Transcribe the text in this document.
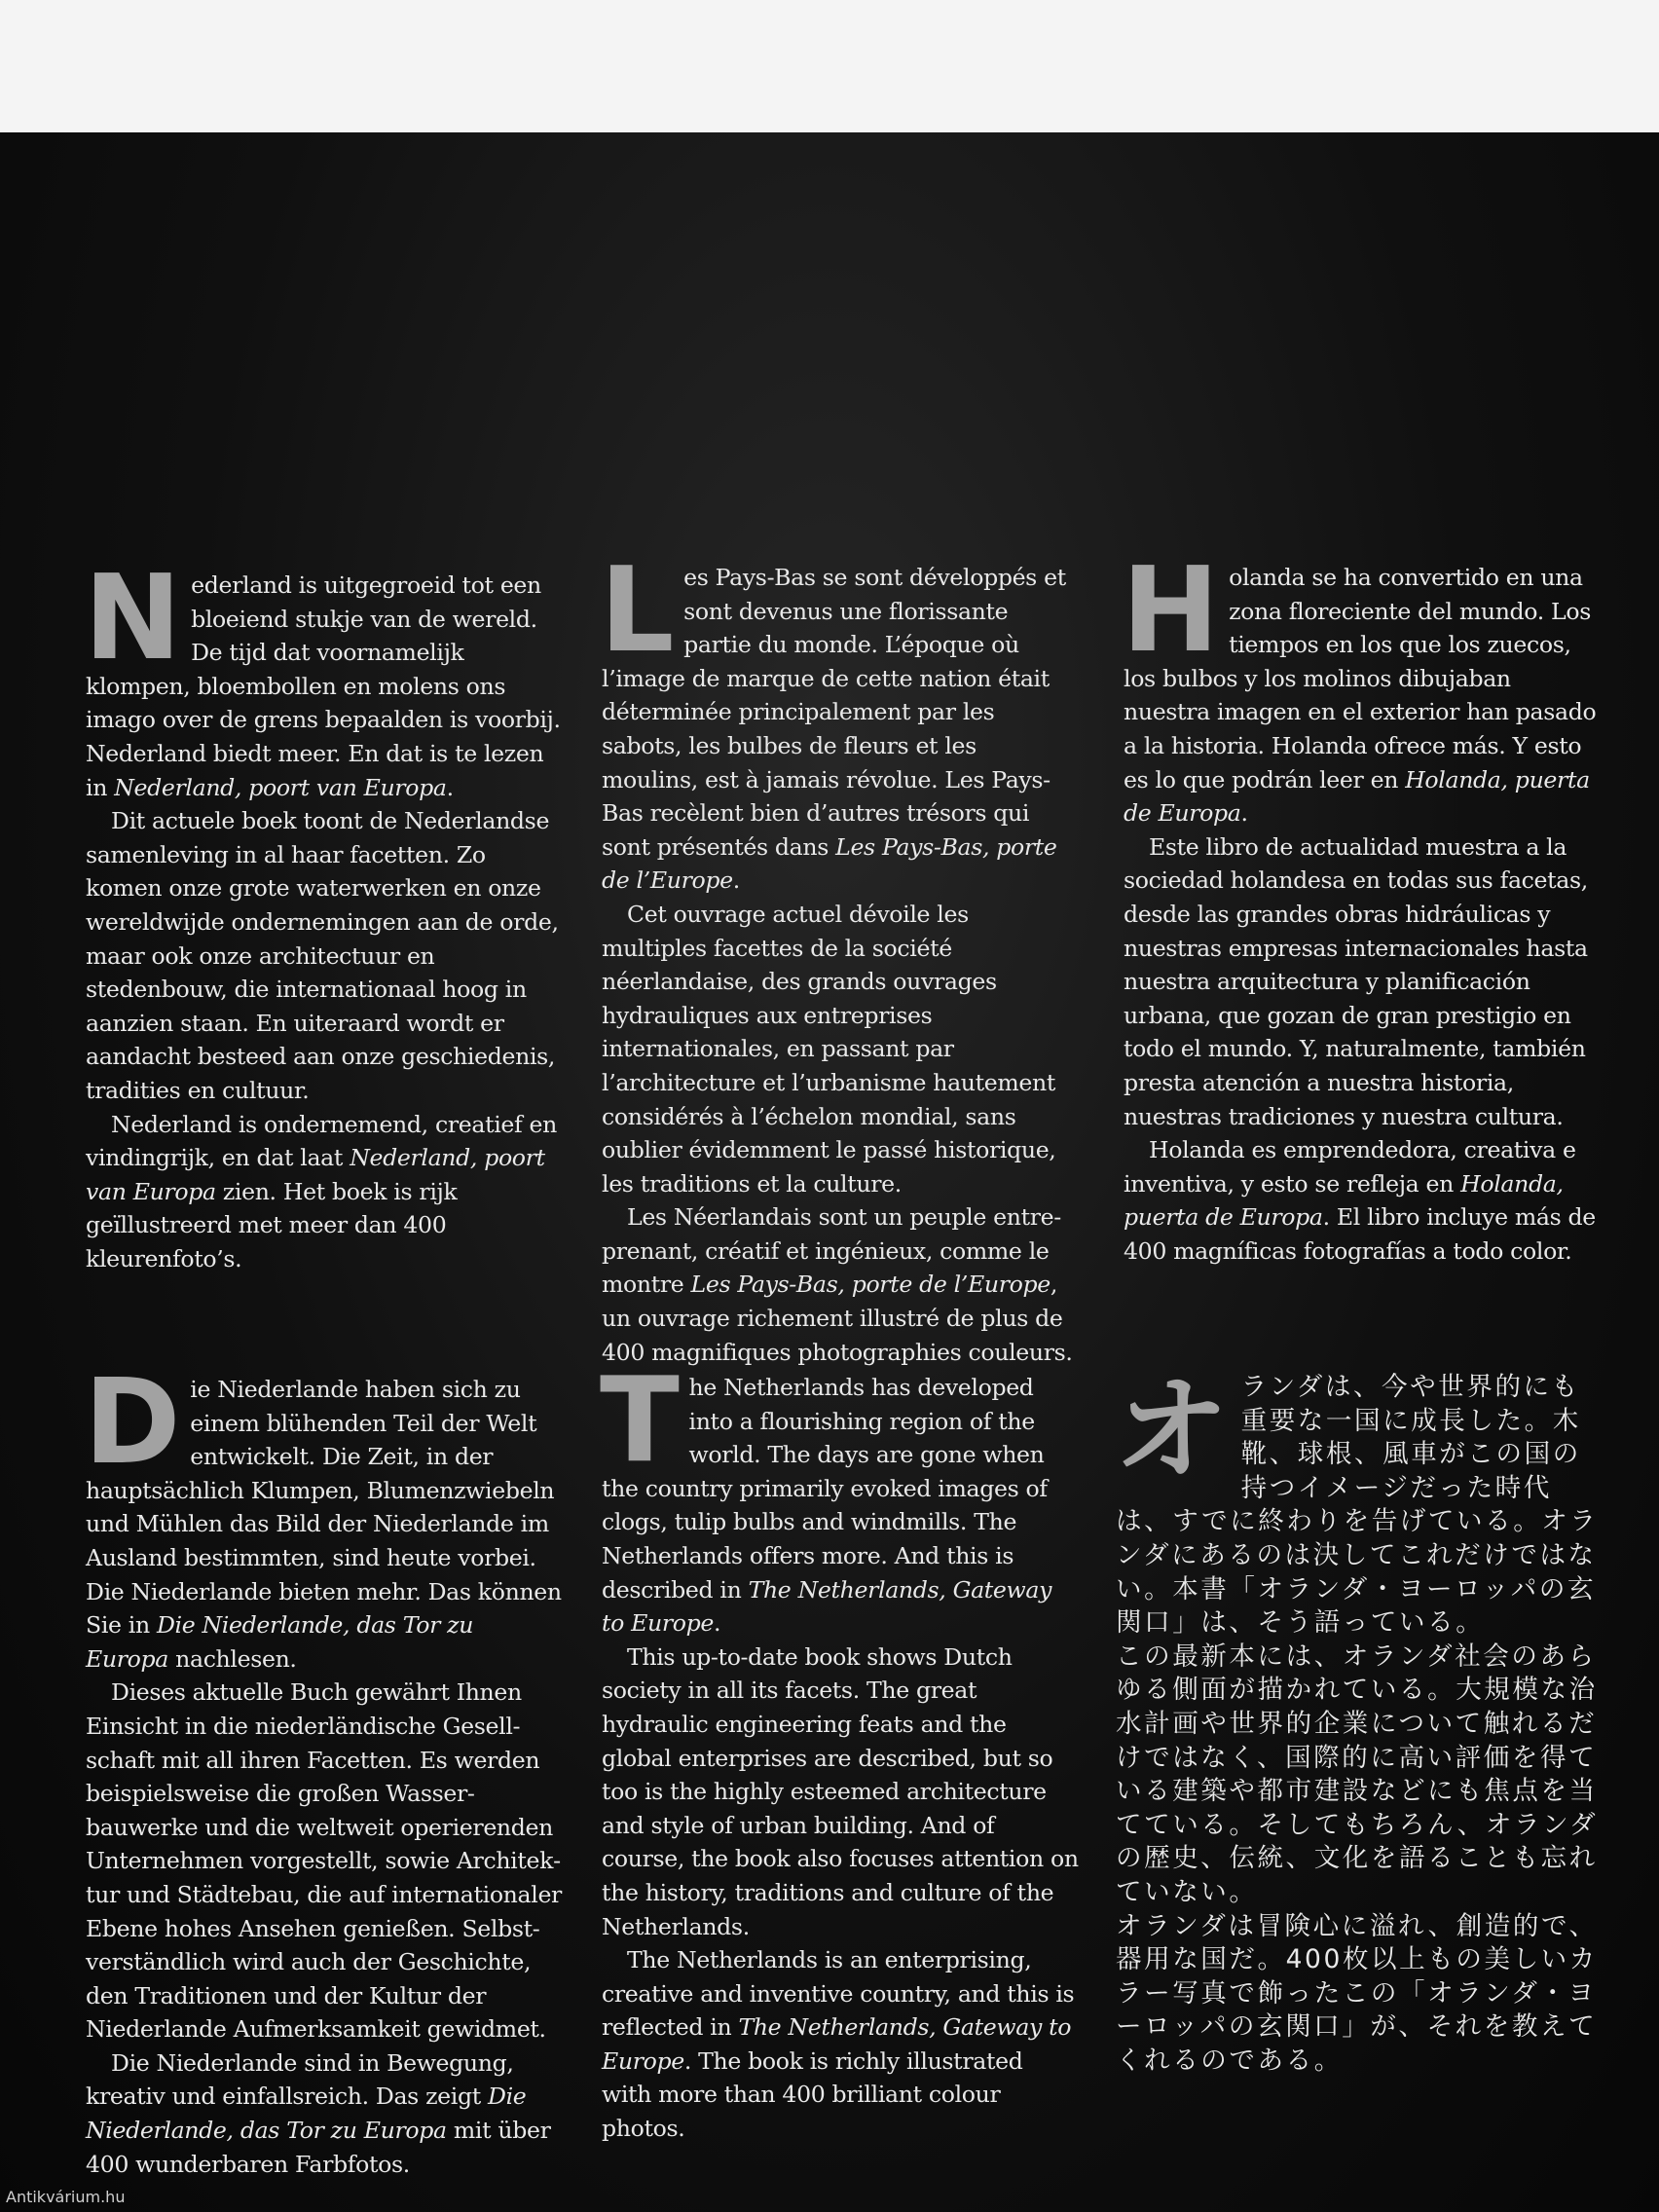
N ederland is uitgegroeid tot een bloeiend stukje van de wereld. De tijd dat voornamelijk klompen, bloembollen en molens ons imago over de grens bepaalden is voorbij. Nederland biedt meer. En dat is te lezen in Nederland, poort van Europa.

Dit actuele boek toont de Nederlandse samenleving in al haar facetten. Zo komen onze grote waterwerken en onze wereldwijde ondernemingen aan de orde, maar ook onze architectuur en stedenbouw, die internationaal hoog in aanzien staan. En uiteraard wordt er aandacht besteed aan onze geschiedenis, tradities en cultuur.

Nederland is ondernemend, creatief en vindingrijk, en dat laat Nederland, poort van Europa zien. Het boek is rijk geïllustreerd met meer dan 400 kleurenfoto’s.

L es Pays-Bas se sont développés et sont devenus une florissante partie du monde. L’époque où l’image de marque de cette nation était déterminée principalement par les sabots, les bulbes de fleurs et les moulins, est à jamais révolue. Les Pays-Bas recèlent bien d’autres trésors qui sont présentés dans Les Pays-Bas, porte de l’Europe.

Cet ouvrage actuel dévoile les multiples facettes de la société néerlandaise, des grands ouvrages hydrauliques aux entreprises internationales, en passant par l’architecture et l’urbanisme hautement considérés à l’échelon mondial, sans oublier évidemment le passé historique, les traditions et la culture.

Les Néerlandais sont un peuple entreprenant, créatif et ingénieux, comme le montre Les Pays-Bas, porte de l’Europe, un ouvrage richement illustré de plus de 400 magnifiques photographies couleurs.

H olanda se ha convertido en una zona floreciente del mundo. Los tiempos en los que los zuecos, los bulbos y los molinos dibujaban nuestra imagen en el exterior han pasado a la historia. Holanda ofrece más. Y esto es lo que podrán leer en Holanda, puerta de Europa.

Este libro de actualidad muestra a la sociedad holandesa en todas sus facetas, desde las grandes obras hidráulicas y nuestras empresas internacionales hasta nuestra arquitectura y planificación urbana, que gozan de gran prestigio en todo el mundo. Y, naturalmente, también presta atención a nuestra historia, nuestras tradiciones y nuestra cultura.

Holanda es emprendedora, creativa e inventiva, y esto se refleja en Holanda, puerta de Europa. El libro incluye más de 400 magníficas fotografías a todo color.

D ie Niederlande haben sich zu einem blühenden Teil der Welt entwickelt. Die Zeit, in der hauptsächlich Klumpen, Blumenzwiebeln und Mühlen das Bild der Niederlande im Ausland bestimmten, sind heute vorbei. Die Niederlande bieten mehr. Das können Sie in Die Niederlande, das Tor zu Europa nachlesen.

Dieses aktuelle Buch gewährt Ihnen Einsicht in die niederländische Gesellschaft mit all ihren Facetten. Es werden beispielsweise die großen Wasserbauwerke und die weltweit operierenden Unternehmen vorgestellt, sowie Architektur und Städtebau, die auf internationaler Ebene hohes Ansehen genießen. Selbstverständlich wird auch der Geschichte, den Traditionen und der Kultur der Niederlande Aufmerksamkeit gewidmet.

Die Niederlande sind in Bewegung, kreativ und einfallsreich. Das zeigt Die Niederlande, das Tor zu Europa mit über 400 wunderbaren Farbfotos.

T he Netherlands has developed into a flourishing region of the world. The days are gone when the country primarily evoked images of clogs, tulip bulbs and windmills. The Netherlands offers more. And this is described in The Netherlands, Gateway to Europe.

This up-to-date book shows Dutch society in all its facets. The great hydraulic engineering feats and the global enterprises are described, but so too is the highly esteemed architecture and style of urban building. And of course, the book also focuses attention on the history, traditions and culture of the Netherlands.

The Netherlands is an enterprising, creative and inventive country, and this is reflected in The Netherlands, Gateway to Europe. The book is richly illustrated with more than 400 brilliant colour photos.

オ ランダは、今や世界的にも重要な一国に成長した。木靴、球根、風車がこの国の持つイメージだった時代は、すでに終わりを告げている。オランダにあるのは決してこれだけではない。本書「オランダ・ヨーロッパの玄関口」は、そう語っている。

この最新本には、オランダ社会のあらゆる側面が描かれている。大規模な治水計画や世界的企業について触れるだけではなく、国際的に高い評価を得ている建築や都市建設などにも焦点を当てている。そしてもちろん、オランダの歴史、伝統、文化を語ることも忘れていない。

オランダは冒険心に溢れ、創造的で、器用な国だ。400枚以上もの美しいカラー写真で飾ったこの「オランダ・ヨーロッパの玄関口」が、それを教えてくれるのである。

Antikvárium.hu
